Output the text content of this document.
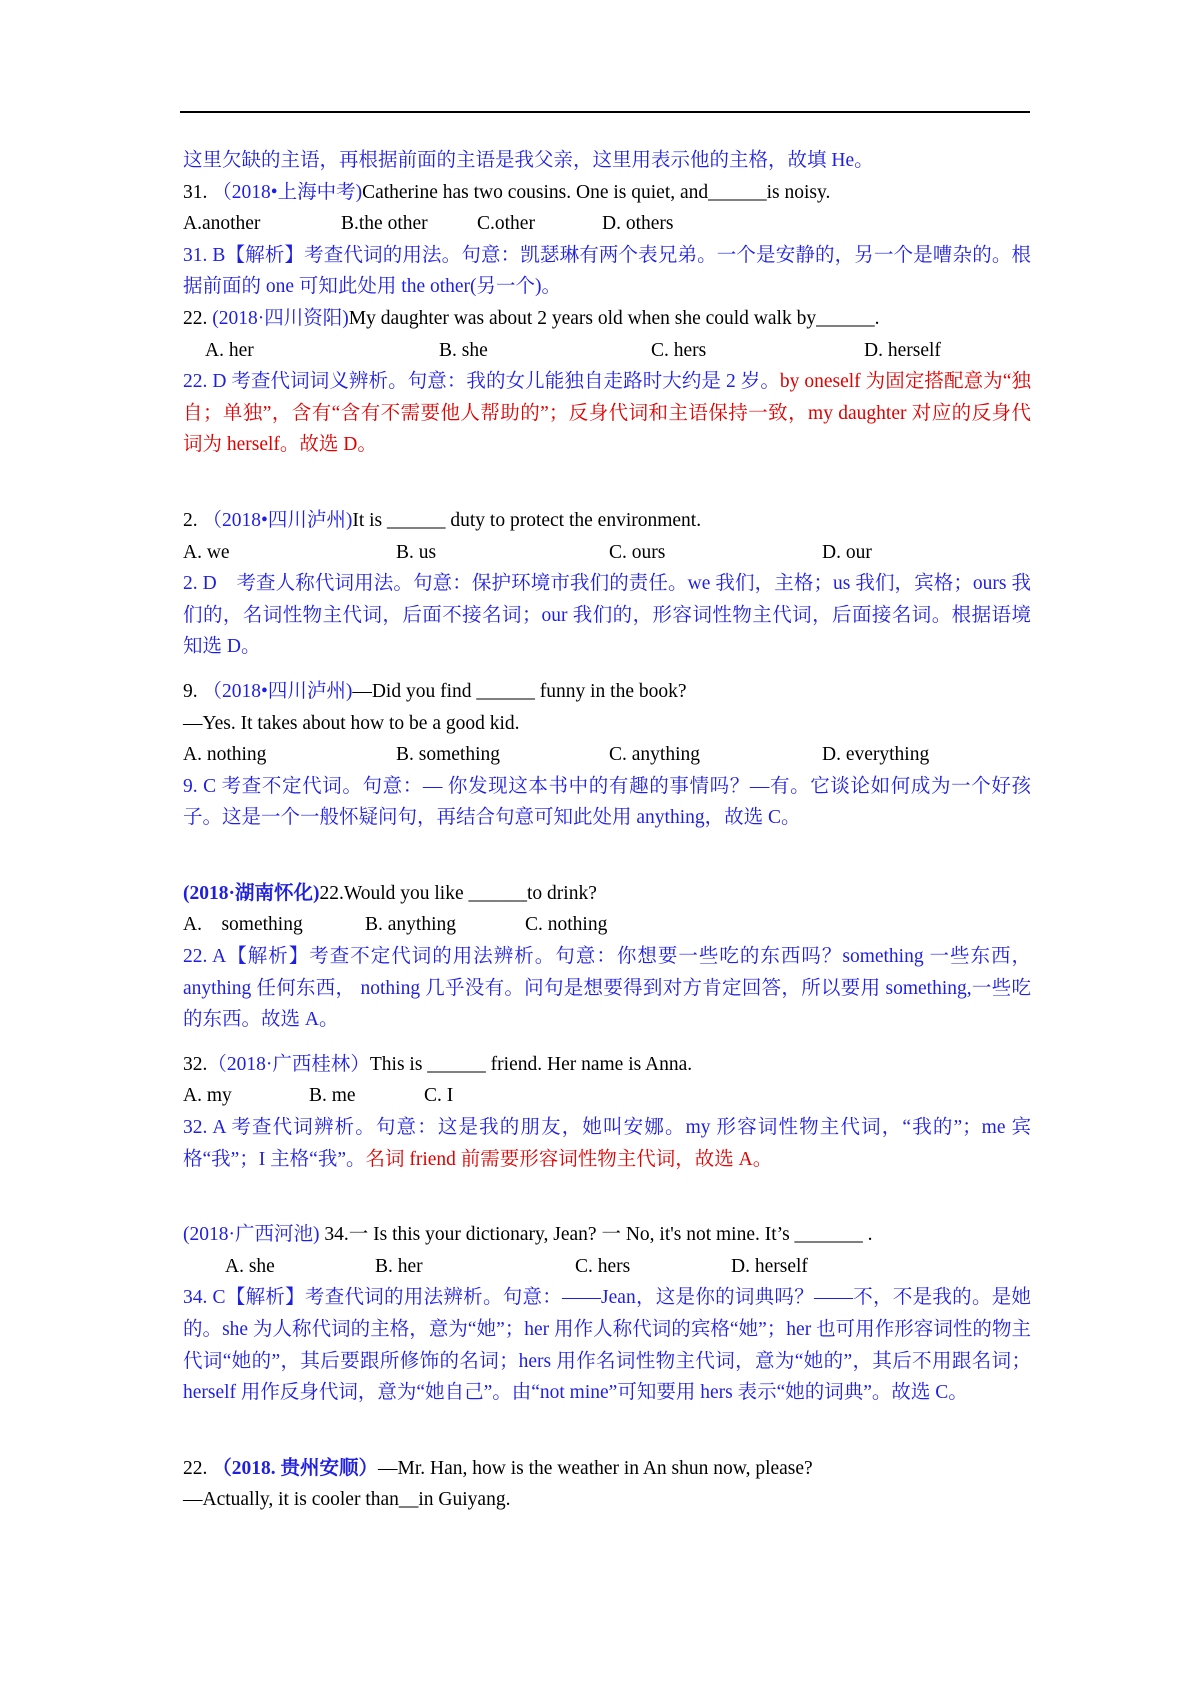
这里欠缺的主语，再根据前面的主语是我父亲，这里用表示他的主格，故填 He。
31. （2018•上海中考)Catherine has two cousins. One is quiet, and______is noisy.
A.another	B.the other	C.other	D. others
31. B【解析】考查代词的用法。句意：凯瑟琳有两个表兄弟。一个是安静的，另一个是嘈杂的。根据前面的 one 可知此处用 the other(另一个)。
22. (2018·四川资阳)My daughter was about 2 years old when she could walk by______.
A. her	B. she	C. hers	D. herself
22. D 考查代词词义辨析。句意：我的女儿能独自走路时大约是 2 岁。by oneself 为固定搭配意为“独自；单独”，含有“含有不需要他人帮助的”；反身代词和主语保持一致，my daughter 对应的反身代词为 herself。故选 D。
2. （2018•四川泸州)It is ______ duty to protect the environment.
A. we	B. us	C. ours	D. our
2. D　考查人称代词用法。句意：保护环境市我们的责任。we 我们，主格；us 我们，宾格；ours 我们的，名词性物主代词，后面不接名词；our 我们的，形容词性物主代词，后面接名词。根据语境知选 D。
9. （2018•四川泸州)—Did you find ______ funny in the book?
—Yes. It takes about how to be a good kid.
A. nothing	B. something	C. anything	D. everything
9. C 考查不定代词。句意：— 你发现这本书中的有趣的事情吗？—有。它谈论如何成为一个好孩子。这是一个一般怀疑问句，再结合句意可知此处用 anything，故选 C。
(2018·湖南怀化)22.Would you like ______to drink?
A.　something	B. anything	C. nothing
22. A【解析】考查不定代词的用法辨析。句意：你想要一些吃的东西吗？something 一些东西，anything 任何东西， nothing 几乎没有。问句是想要得到对方肯定回答，所以要用 something,一些吃的东西。故选 A。
32.（2018·广西桂林）This is ______ friend. Her name is Anna.
A. my	B. me	C. I
32. A 考查代词辨析。句意：这是我的朋友，她叫安娜。my 形容词性物主代词，“我的”；me 宾格“我”；I 主格“我”。名词 friend 前需要形容词性物主代词，故选 A。
(2018·广西河池) 34.一 Is this your dictionary, Jean? 一 No, it's not mine. It’s _______ .
A. she	B. her	C. hers	D. herself
34. C【解析】考查代词的用法辨析。句意：——Jean，这是你的词典吗？——不，不是我的。是她的。she 为人称代词的主格，意为“她”；her 用作人称代词的宾格“她”；her 也可用作形容词性的物主代词“她的”，其后要跟所修饰的名词；hers 用作名词性物主代词，意为“她的”，其后不用跟名词；herself 用作反身代词，意为“她自己”。由“not mine”可知要用 hers 表示“她的词典”。故选 C。
22. （2018. 贵州安顺）—Mr. Han, how is the weather in An shun now, please?
—Actually, it is cooler than__in Guiyang.
